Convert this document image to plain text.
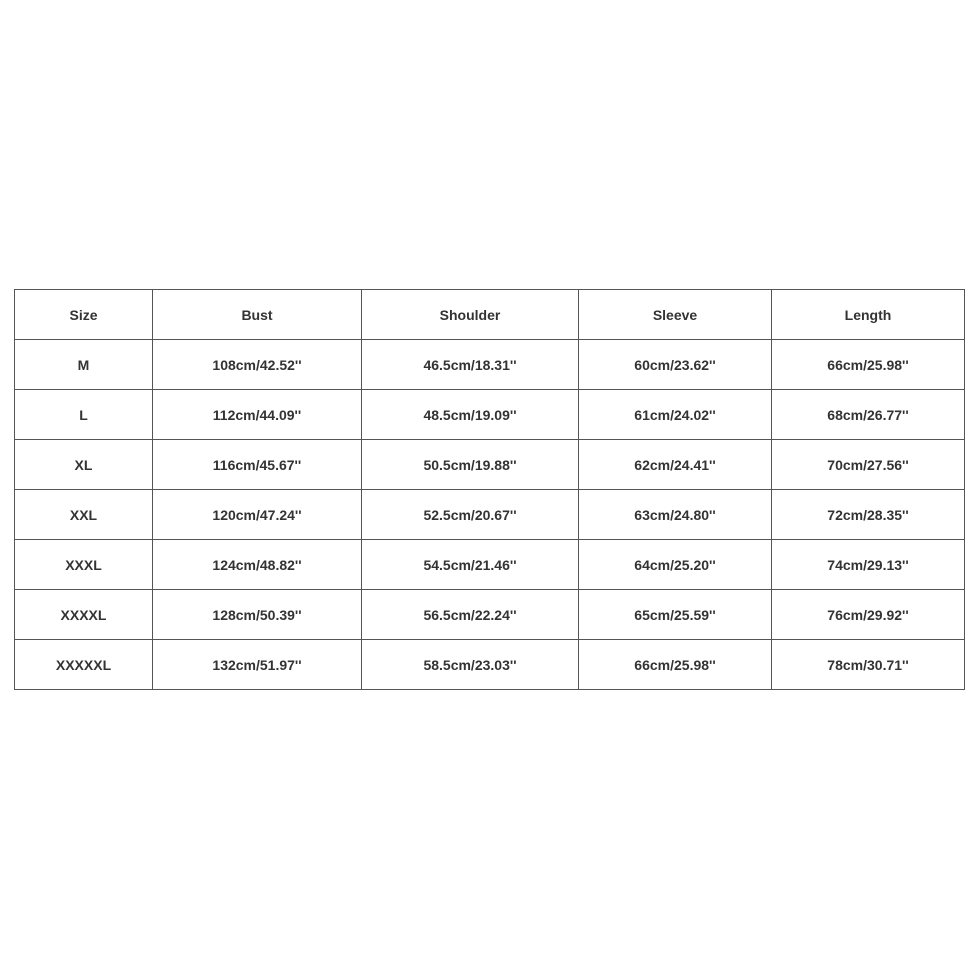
Size	Bust	Shoulder	Sleeve	Length
M	108cm/42.52''	46.5cm/18.31''	60cm/23.62''	66cm/25.98''
L	112cm/44.09''	48.5cm/19.09''	61cm/24.02''	68cm/26.77''
XL	116cm/45.67''	50.5cm/19.88''	62cm/24.41''	70cm/27.56''
XXL	120cm/47.24''	52.5cm/20.67''	63cm/24.80''	72cm/28.35''
XXXL	124cm/48.82''	54.5cm/21.46''	64cm/25.20''	74cm/29.13''
XXXXL	128cm/50.39''	56.5cm/22.24''	65cm/25.59''	76cm/29.92''
XXXXXL	132cm/51.97''	58.5cm/23.03''	66cm/25.98''	78cm/30.71''
